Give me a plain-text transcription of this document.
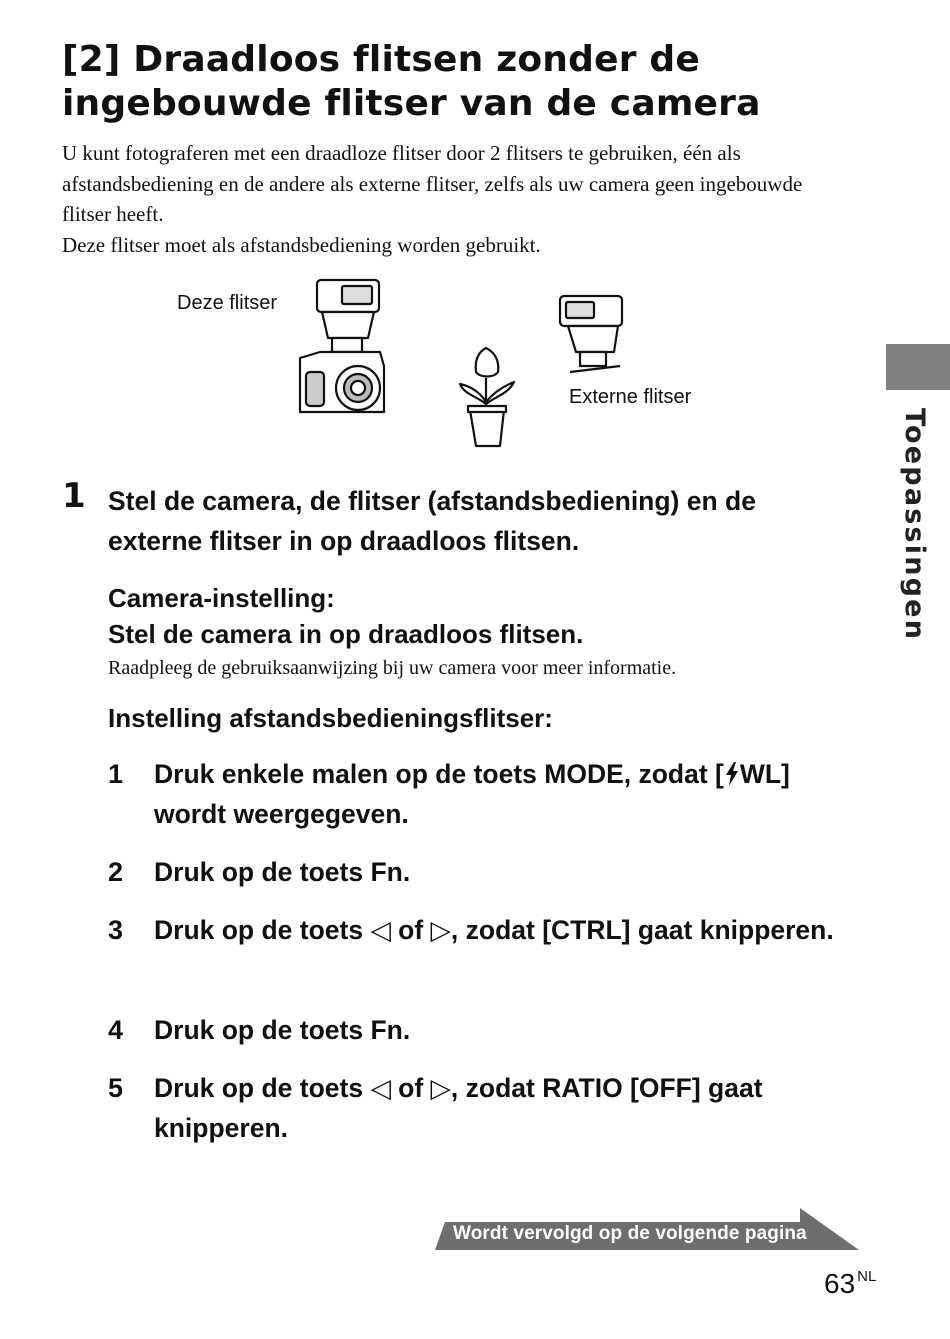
[2] Draadloos flitsen zonder de ingebouwde flitser van de camera

U kunt fotograferen met een draadloze flitser door 2 flitsers te gebruiken, één als afstandsbediening en de andere als externe flitser, zelfs als uw camera geen ingebouwde flitser heeft.

Deze flitser moet als afstandsbediening worden gebruikt.

Deze flitser
Externe flitser
Toepassingen
1 Stel de camera, de flitser (afstandsbediening) en de externe flitser in op draadloos flitsen.
Camera-instelling:
Stel de camera in op draadloos flitsen.
Raadpleeg de gebruiksaanwijzing bij uw camera voor meer informatie.
Instelling afstandsbedieningsflitser:
1 Druk enkele malen op de toets MODE, zodat [ WL] wordt weergegeven.
2 Druk op de toets Fn.
3 Druk op de toets ◁ of ▷, zodat [CTRL] gaat knipperen.
4 Druk op de toets Fn.
5 Druk op de toets ◁ of ▷, zodat RATIO [OFF] gaat knipperen.
Wordt vervolgd op de volgende pagina
63 $^{NL}$
